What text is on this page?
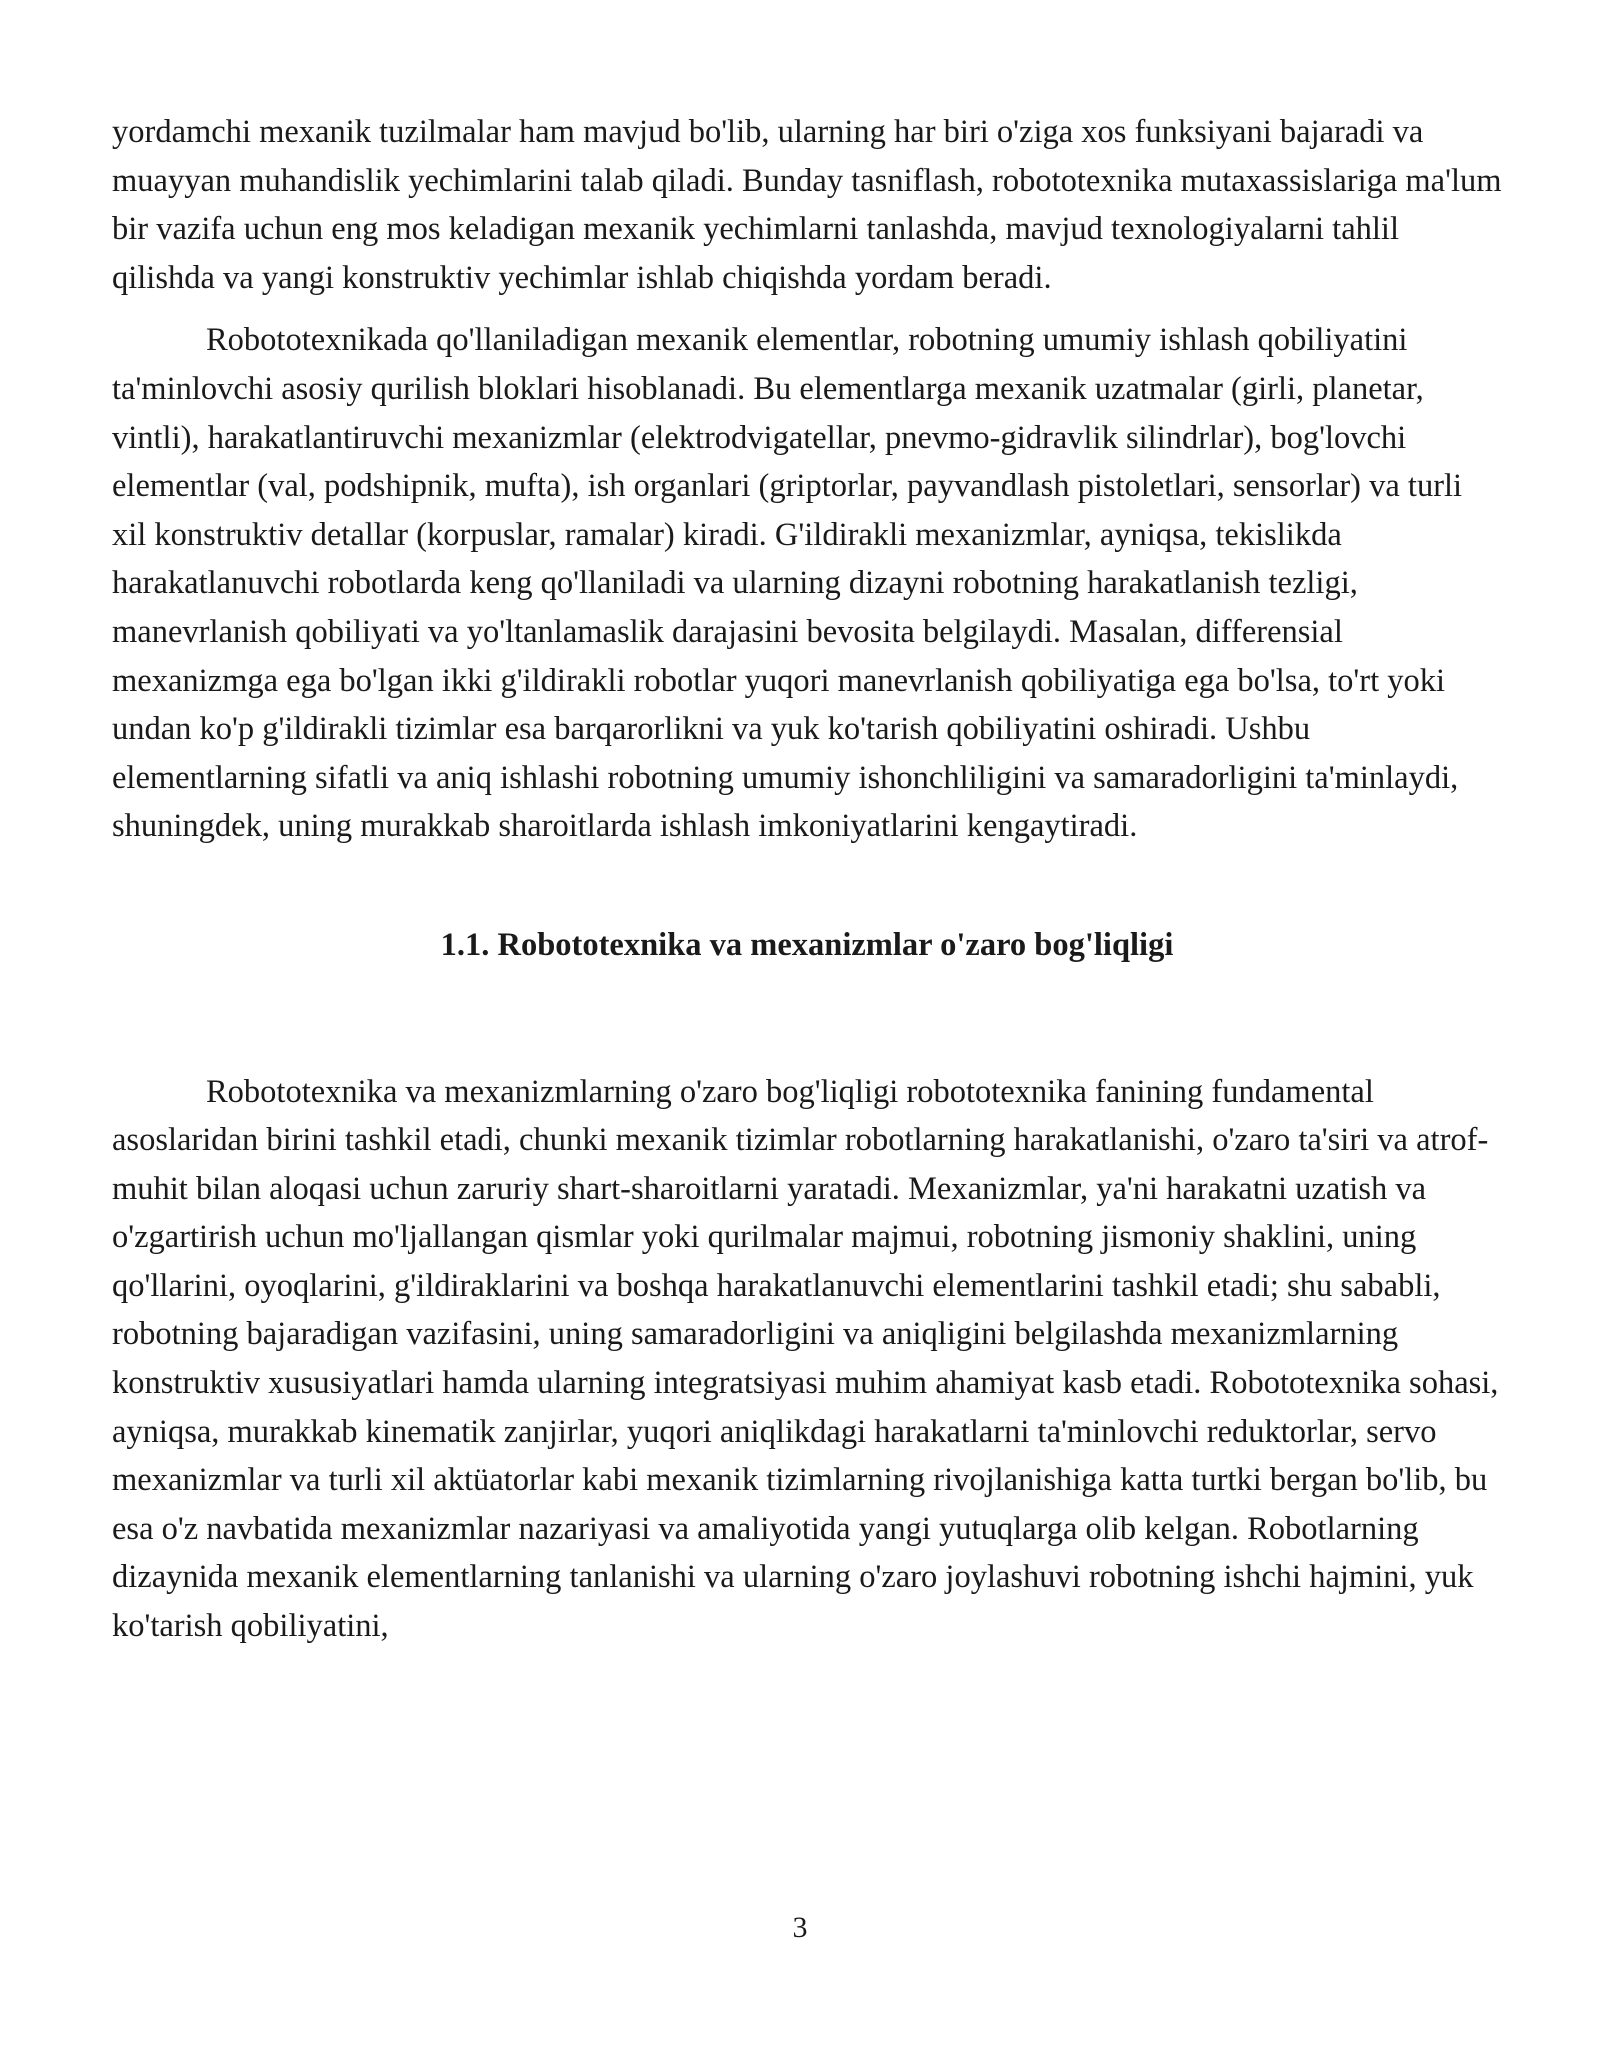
yordamchi mexanik tuzilmalar ham mavjud bo'lib, ularning har biri o'ziga xos funksiyani bajaradi va muayyan muhandislik yechimlarini talab qiladi. Bunday tasniflash, robototexnika mutaxassislariga ma'lum bir vazifa uchun eng mos keladigan mexanik yechimlarni tanlashda, mavjud texnologiyalarni tahlil qilishda va yangi konstruktiv yechimlar ishlab chiqishda yordam beradi.

Robototexnikada qo'llaniladigan mexanik elementlar, robotning umumiy ishlash qobiliyatini ta'minlovchi asosiy qurilish bloklari hisoblanadi. Bu elementlarga mexanik uzatmalar (girli, planetar, vintli), harakatlantiruvchi mexanizmlar (elektrodvigatellar, pnevmo-gidravlik silindrlar), bog'lovchi elementlar (val, podshipnik, mufta), ish organlari (griptorlar, payvandlash pistoletlari, sensorlar) va turli xil konstruktiv detallar (korpuslar, ramalar) kiradi. G'ildirakli mexanizmlar, ayniqsa, tekislikda harakatlanuvchi robotlarda keng qo'llaniladi va ularning dizayni robotning harakatlanish tezligi, manevrlanish qobiliyati va yo'ltanlamaslik darajasini bevosita belgilaydi. Masalan, differensial mexanizmga ega bo'lgan ikki g'ildirakli robotlar yuqori manevrlanish qobiliyatiga ega bo'lsa, to'rt yoki undan ko'p g'ildirakli tizimlar esa barqarorlikni va yuk ko'tarish qobiliyatini oshiradi. Ushbu elementlarning sifatli va aniq ishlashi robotning umumiy ishonchliligini va samaradorligini ta'minlaydi, shuningdek, uning murakkab sharoitlarda ishlash imkoniyatlarini kengaytiradi.

1.1. Robototexnika va mexanizmlar o'zaro bog'liqligi

Robototexnika va mexanizmlarning o'zaro bog'liqligi robototexnika fanining fundamental asoslaridan birini tashkil etadi, chunki mexanik tizimlar robotlarning harakatlanishi, o'zaro ta'siri va atrof-muhit bilan aloqasi uchun zaruriy shart-sharoitlarni yaratadi. Mexanizmlar, ya'ni harakatni uzatish va o'zgartirish uchun mo'ljallangan qismlar yoki qurilmalar majmui, robotning jismoniy shaklini, uning qo'llarini, oyoqlarini, g'ildiraklarini va boshqa harakatlanuvchi elementlarini tashkil etadi; shu sababli, robotning bajaradigan vazifasini, uning samaradorligini va aniqligini belgilashda mexanizmlarning konstruktiv xususiyatlari hamda ularning integratsiyasi muhim ahamiyat kasb etadi. Robototexnika sohasi, ayniqsa, murakkab kinematik zanjirlar, yuqori aniqlikdagi harakatlarni ta'minlovchi reduktorlar, servo mexanizmlar va turli xil aktüatorlar kabi mexanik tizimlarning rivojlanishiga katta turtki bergan bo'lib, bu esa o'z navbatida mexanizmlar nazariyasi va amaliyotida yangi yutuqlarga olib kelgan. Robotlarning dizaynida mexanik elementlarning tanlanishi va ularning o'zaro joylashuvi robotning ishchi hajmini, yuk ko'tarish qobiliyatini,

3
